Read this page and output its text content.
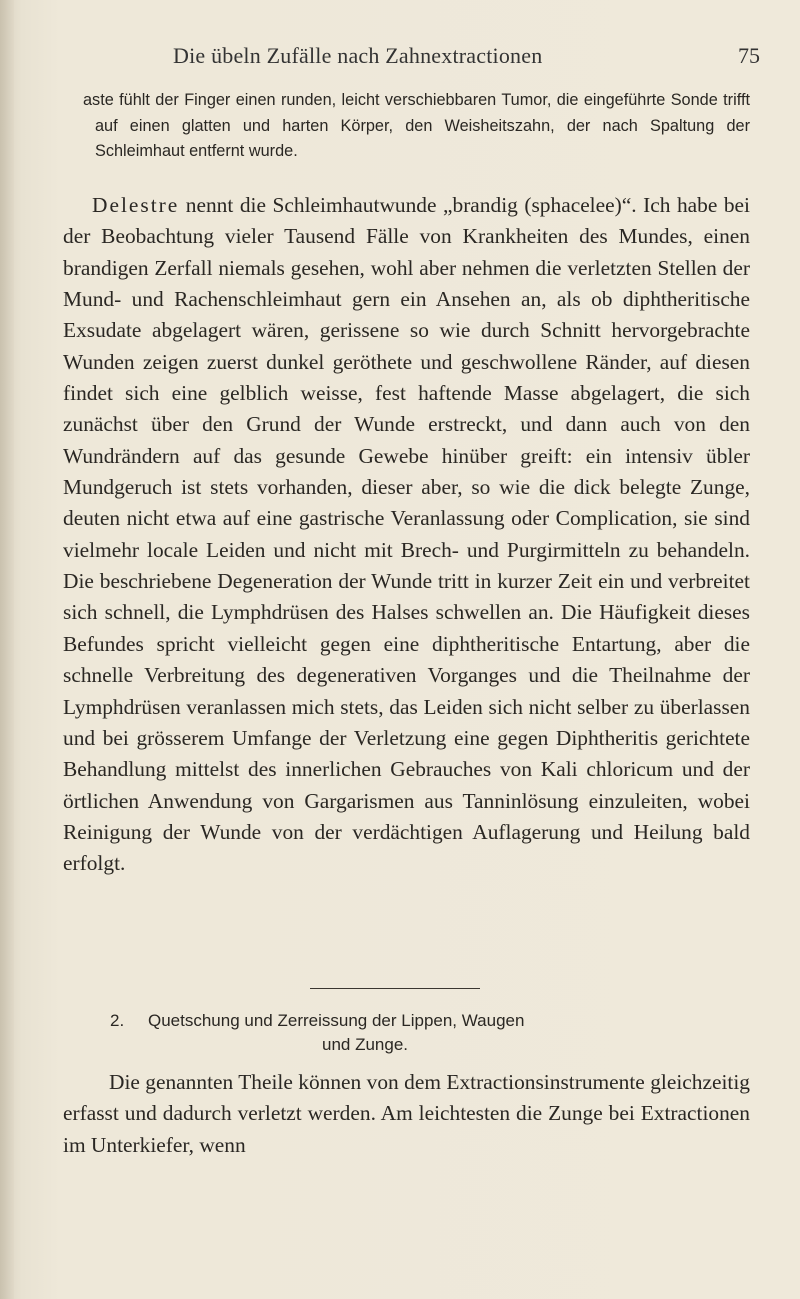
Die übeln Zufälle nach Zahnextractionen	75

aste fühlt der Finger einen runden, leicht verschiebbaren Tumor, die eingeführte Sonde trifft auf einen glatten und harten Körper, den Weisheitszahn, der nach Spaltung der Schleimhaut entfernt wurde.

Delestre nennt die Schleimhautwunde „brandig (sphacelee)“. Ich habe bei der Beobachtung vieler Tausend Fälle von Krankheiten des Mundes, einen brandigen Zerfall niemals gesehen, wohl aber nehmen die verletzten Stellen der Mund- und Rachenschleimhaut gern ein Ansehen an, als ob diphtheritische Exsudate abgelagert wären, gerissene so wie durch Schnitt hervorgebrachte Wunden zeigen zuerst dunkel geröthete und geschwollene Ränder, auf diesen findet sich eine gelblich weisse, fest haftende Masse abgelagert, die sich zunächst über den Grund der Wunde erstreckt, und dann auch von den Wundrändern auf das gesunde Gewebe hinüber greift: ein intensiv übler Mundgeruch ist stets vorhanden, dieser aber, so wie die dick belegte Zunge, deuten nicht etwa auf eine gastrische Veranlassung oder Complication, sie sind vielmehr locale Leiden und nicht mit Brech- und Purgirmitteln zu behandeln. Die beschriebene Degeneration der Wunde tritt in kurzer Zeit ein und verbreitet sich schnell, die Lymphdrüsen des Halses schwellen an. Die Häufigkeit dieses Befundes spricht vielleicht gegen eine diphtheritische Entartung, aber die schnelle Verbreitung des degenerativen Vorganges und die Theilnahme der Lymphdrüsen veranlassen mich stets, das Leiden sich nicht selber zu überlassen und bei grösserem Umfange der Verletzung eine gegen Diphtheritis gerichtete Behandlung mittelst des innerlichen Gebrauches von Kali chloricum und der örtlichen Anwendung von Gargarismen aus Tanninlösung einzuleiten, wobei Reinigung der Wunde von der verdächtigen Auflagerung und Heilung bald erfolgt.

2. Quetschung und Zerreissung der Lippen, Waugen
und Zunge.

Die genannten Theile können von dem Extractionsinstrumente gleichzeitig erfasst und dadurch verletzt werden. Am leichtesten die Zunge bei Extractionen im Unterkiefer, wenn
